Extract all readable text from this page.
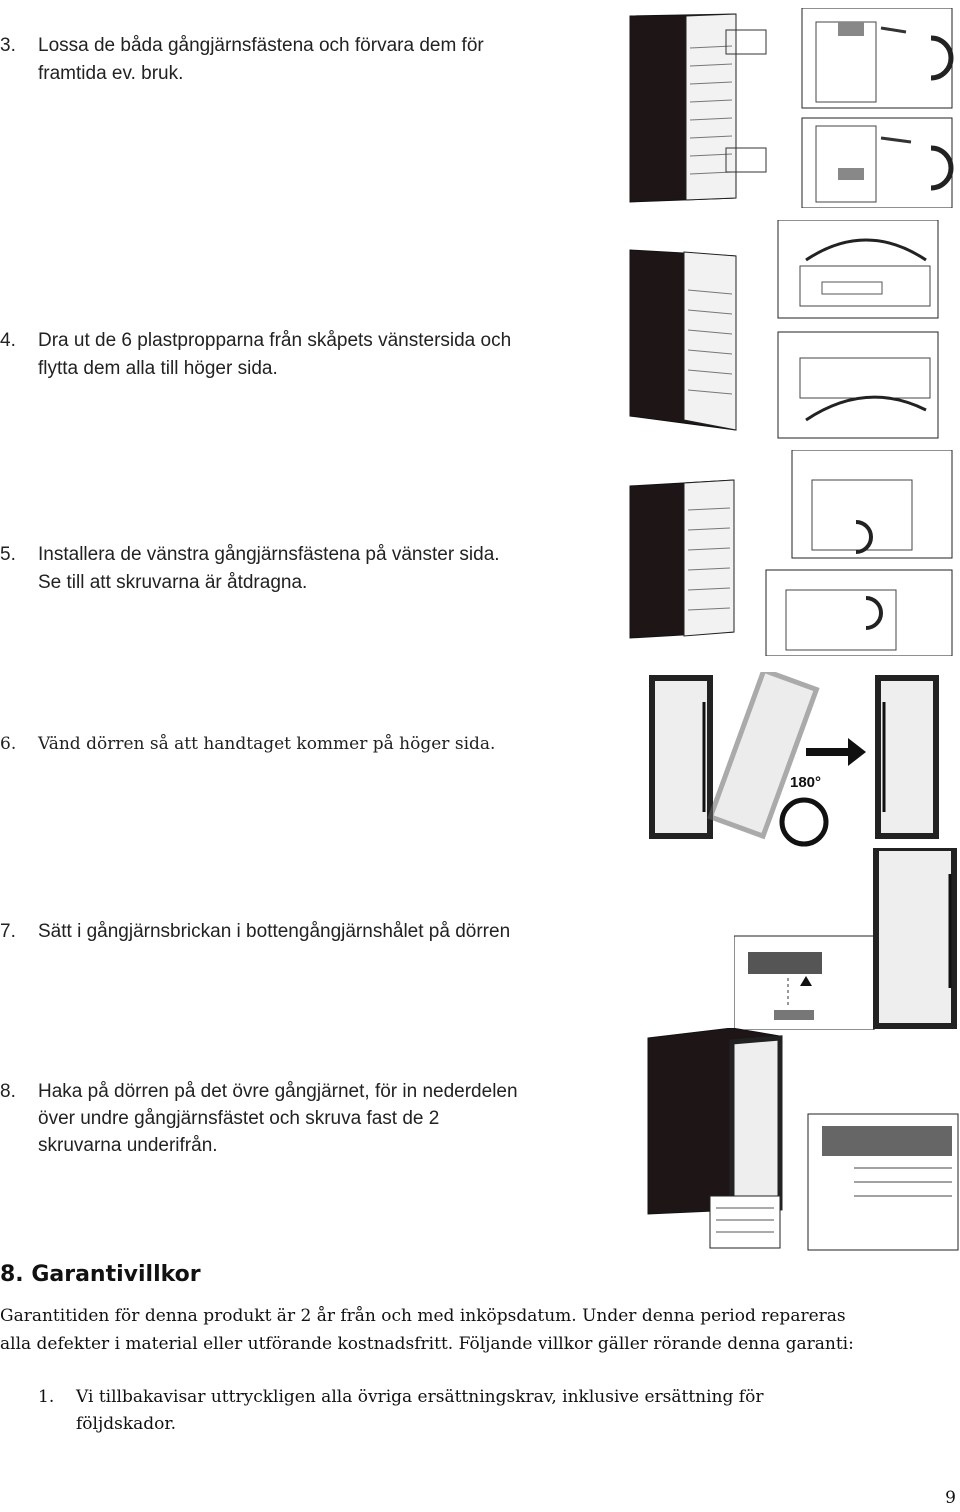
3. Lossa de båda gångjärnsfästena och förvara dem för
framtida ev. bruk.
4. Dra ut de 6 plastpropparna från skåpets vänstersida och
flytta dem alla till höger sida.
5. Installera de vänstra gångjärnsfästena på vänster sida.
Se till att skruvarna är åtdragna.
6. Vänd dörren så att handtaget kommer på höger sida.
7. Sätt i gångjärnsbrickan i bottengångjärnshålet på dörren
8. Haka på dörren på det övre gångjärnet, för in nederdelen
över undre gångjärnsfästet och skruva fast de 2
skruvarna underifrån.
180°
8. Garantivillkor
Garantitiden för denna produkt är 2 år från och med inköpsdatum. Under denna period repareras
alla defekter i material eller utförande kostnadsfritt. Följande villkor gäller rörande denna garanti:
1. Vi tillbakavisar uttryckligen alla övriga ersättningskrav, inklusive ersättning för
följdskador.
9
